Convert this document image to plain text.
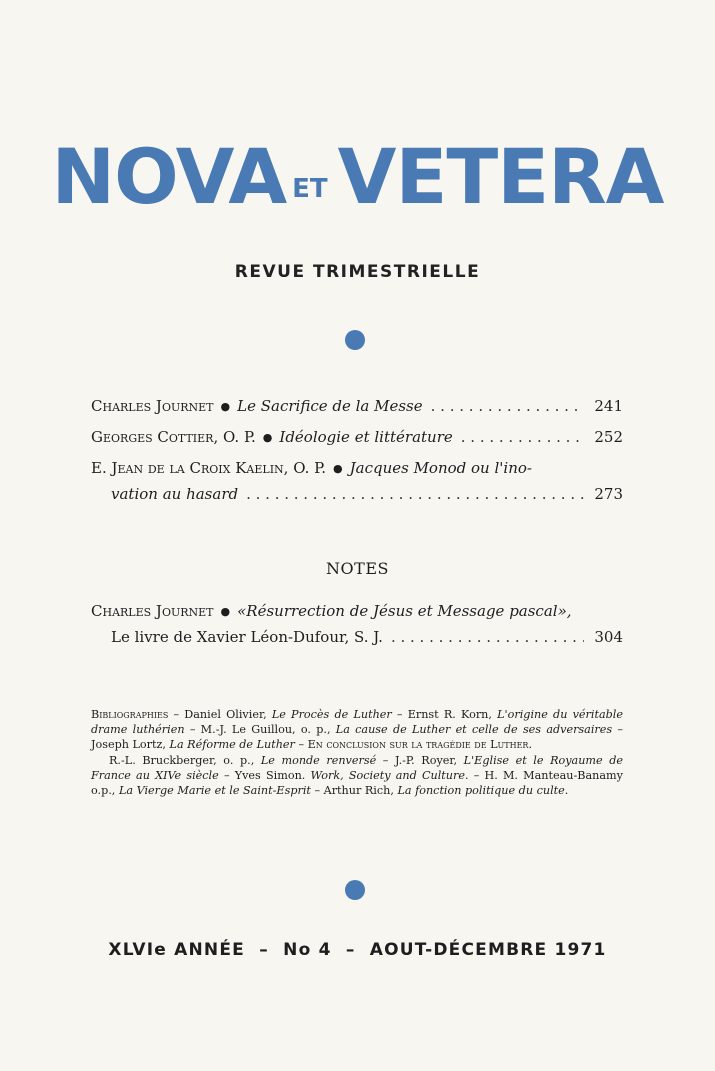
NOVA ET VETERA
REVUE TRIMESTRIELLE
Charles Journet ● Le Sacrifice de la Messe . . .	241
Georges Cottier, O. P. ● Idéologie et littérature . . .	252
E. Jean de la Croix Kaelin, O. P. ● Jacques Monod ou l'ino-
vation au hasard . . .	273
NOTES
Charles Journet ● «Résurrection de Jésus et Message pascal»,
Le livre de Xavier Léon-Dufour, S. J. . . .	304

Bibliographies – Daniel Olivier, Le Procès de Luther – Ernst R. Korn, L'origine du véritable drame luthérien – M.-J. Le Guillou, o. p., La cause de Luther et celle de ses adversaires – Joseph Lortz, La Réforme de Luther – En conclusion sur la tragédie de Luther.

R.-L. Bruckberger, o. p., Le monde renversé – J.-P. Royer, L'Eglise et le Royaume de France au XIVe siècle – Yves Simon. Work, Society and Culture. – H. M. Manteau-Banamy o.p., La Vierge Marie et le Saint-Esprit – Arthur Rich, La fonction politique du culte.

XLVIe ANNÉE  –  No 4  –  AOUT-DÉCEMBRE 1971
